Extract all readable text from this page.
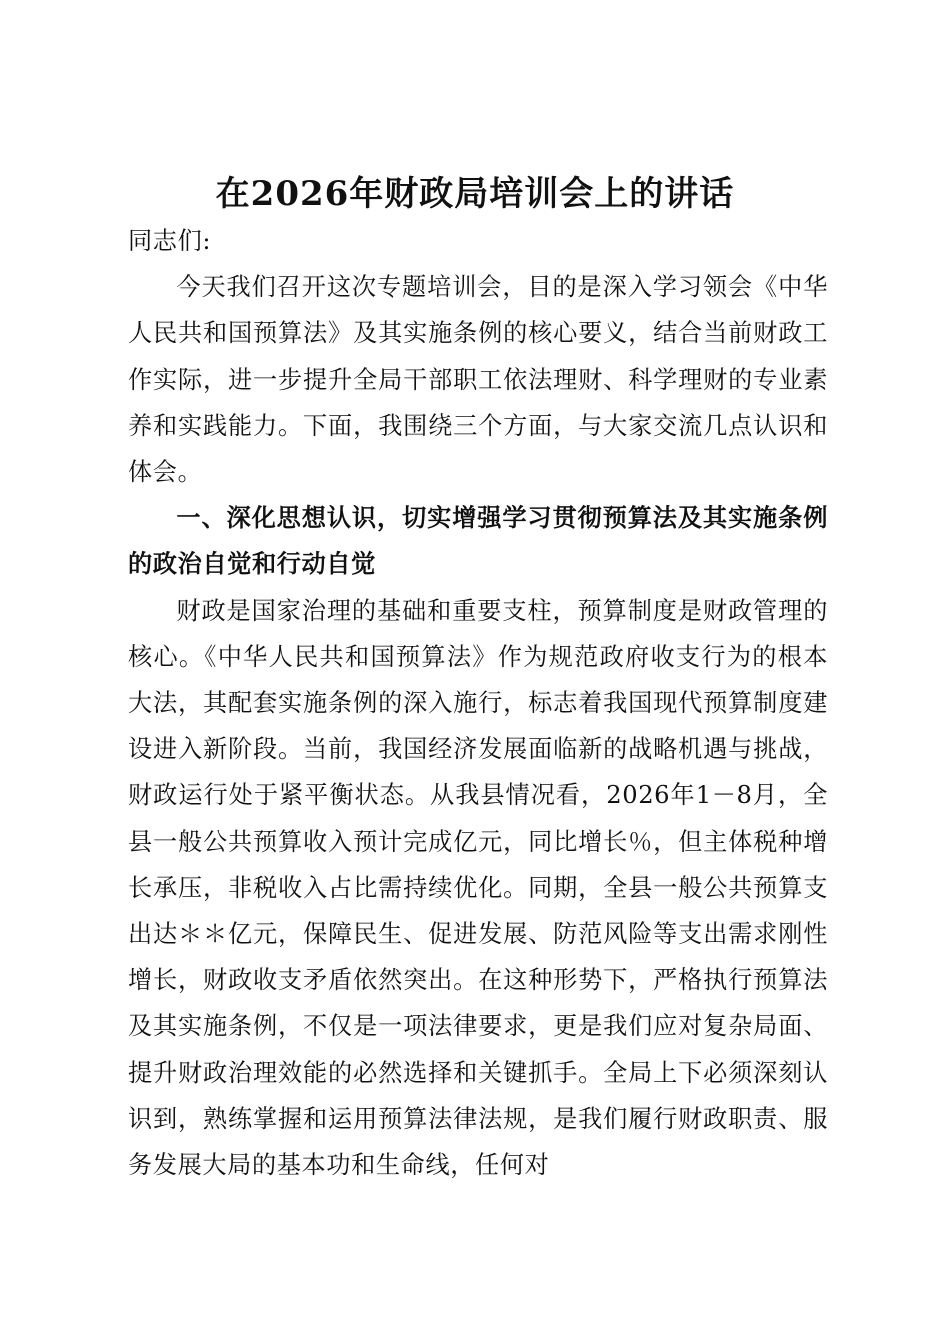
在2026年财政局培训会上的讲话

同志们:

今天我们召开这次专题培训会，目的是深入学习领会《中华人民共和国预算法》及其实施条例的核心要义，结合当前财政工作实际，进一步提升全局干部职工依法理财、科学理财的专业素养和实践能力。下面，我围绕三个方面，与大家交流几点认识和体会。

一、深化思想认识，切实增强学习贯彻预算法及其实施条例的政治自觉和行动自觉

财政是国家治理的基础和重要支柱，预算制度是财政管理的核心。《中华人民共和国预算法》作为规范政府收支行为的根本大法，其配套实施条例的深入施行，标志着我国现代预算制度建设进入新阶段。当前，我国经济发展面临新的战略机遇与挑战，财政运行处于紧平衡状态。从我县情况看，2026年1－8月，全县一般公共预算收入预计完成亿元，同比增长％，但主体税种增长承压，非税收入占比需持续优化。同期，全县一般公共预算支出达＊＊亿元，保障民生、促进发展、防范风险等支出需求刚性增长，财政收支矛盾依然突出。在这种形势下，严格执行预算法及其实施条例，不仅是一项法律要求，更是我们应对复杂局面、提升财政治理效能的必然选择和关键抓手。全局上下必须深刻认识到，熟练掌握和运用预算法律法规，是我们履行财政职责、服务发展大局的基本功和生命线，任何对
